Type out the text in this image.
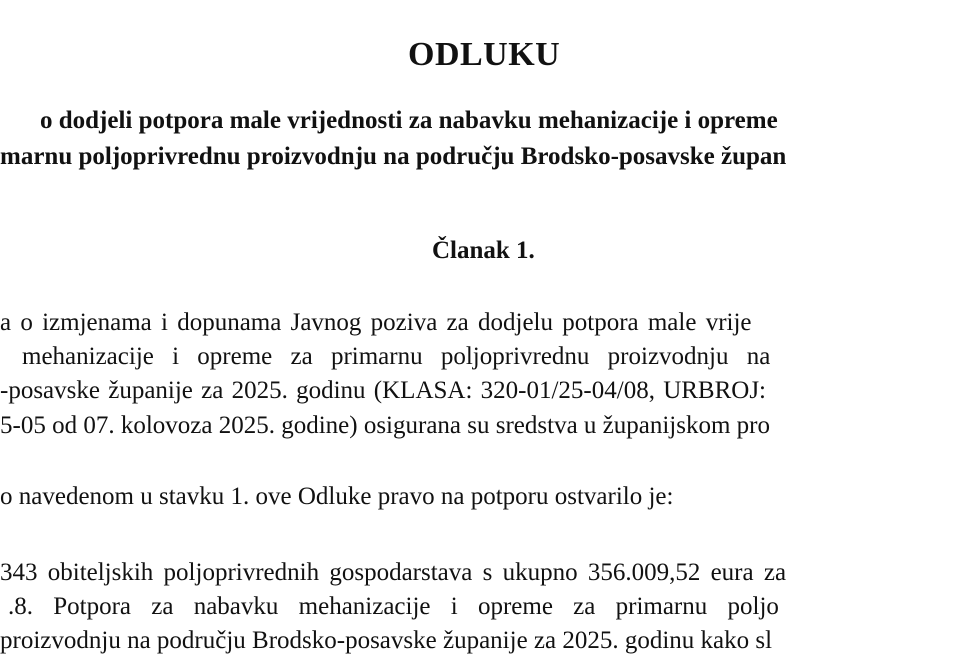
ODLUKU
o dodjeli potpora male vrijednosti za nabavku mehanizacije i opreme
marnu poljoprivrednu proizvodnju na području Brodsko-posavske župan
Članak 1.
a o izmjenama i dopunama Javnog poziva za dodjelu potpora male vrije
mehanizacije i opreme za primarnu poljoprivrednu proizvodnju na
-posavske županije za 2025. godinu (KLASA: 320-01/25-04/08, URBROJ:
5-05 od 07. kolovoza 2025. godine) osigurana su sredstva u županijskom pro
o navedenom u stavku 1. ove Odluke pravo na potporu ostvarilo je:
343 obiteljskih poljoprivrednih gospodarstava s ukupno 356.009,52 eura za
.8. Potpora za nabavku mehanizacije i opreme za primarnu poljo
proizvodnju na području Brodsko-posavske županije za 2025. godinu kako sl
